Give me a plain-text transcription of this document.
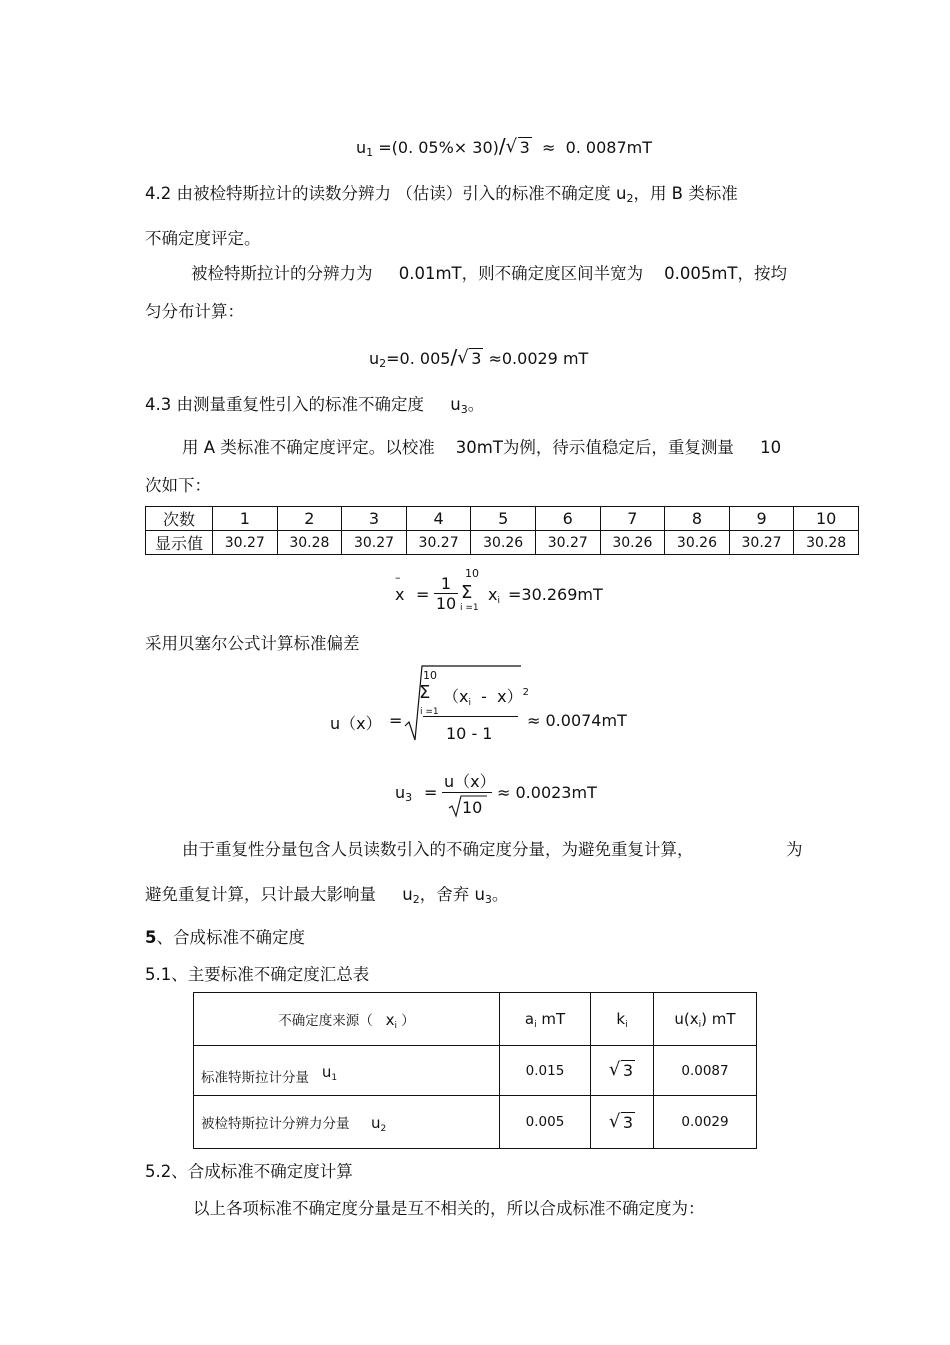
u1 =(0. 05%× 30)/ √ 3 ≈ 0. 0087mT
4.2 由被检特斯拉计的读数分辨力 （估读）引入的标准不确定度 u2，用 B 类标准
不确定度评定。
被检特斯拉计的分辨力为 0.01mT，则不确定度区间半宽为 0.005mT，按均
匀分布计算：
u2=0. 005/ √ 3 ≈0.0029 mT
4.3 由测量重复性引入的标准不确定度 u3。
用 A 类标准不确定度评定。以校准 30mT为例，待示值稳定后，重复测量 10
次如下：
次数	1	2	3	4	5	6	7	8	9	10
显示值	30.27	30.28	30.27	30.27	30.26	30.27	30.26	30.26	30.27	30.28
–
x =
1
10
10
Σ
i =1
xi =30.269mT
采用贝塞尔公式计算标准偏差
u（x） =
10
Σ
i =1
（xi - x）$^2$
10 - 1
≈ 0.0074mT
u3 =
u（x）
10
≈ 0.0023mT
由于重复性分量包含人员读数引入的不确定度分量，为避免重复计算，	为
避免重复计算，只计最大影响量 u2，舍弃 u3。
5、合成标准不确定度
5.1、主要标准不确定度汇总表
不确定度来源（ $x_i$ ）	$a_i$ mT	$k_i$	$u(x_i)$ mT
标准特斯拉计分量 $u_1$	0.015	√ 3	0.0087
被检特斯拉计分辨力分量 $u_2$	0.005	√ 3	0.0029
5.2、合成标准不确定度计算
以上各项标准不确定度分量是互不相关的，所以合成标准不确定度为：
